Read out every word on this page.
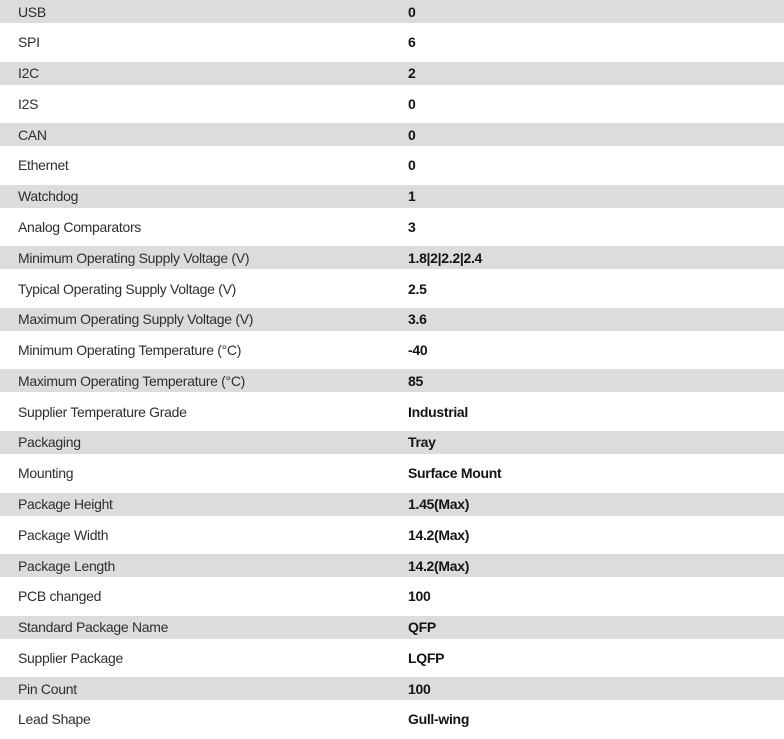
USB	0
SPI	6
I2C	2
I2S	0
CAN	0
Ethernet	0
Watchdog	1
Analog Comparators	3
Minimum Operating Supply Voltage (V)	1.8|2|2.2|2.4
Typical Operating Supply Voltage (V)	2.5
Maximum Operating Supply Voltage (V)	3.6
Minimum Operating Temperature (°C)	-40
Maximum Operating Temperature (°C)	85
Supplier Temperature Grade	Industrial
Packaging	Tray
Mounting	Surface Mount
Package Height	1.45(Max)
Package Width	14.2(Max)
Package Length	14.2(Max)
PCB changed	100
Standard Package Name	QFP
Supplier Package	LQFP
Pin Count	100
Lead Shape	Gull-wing
